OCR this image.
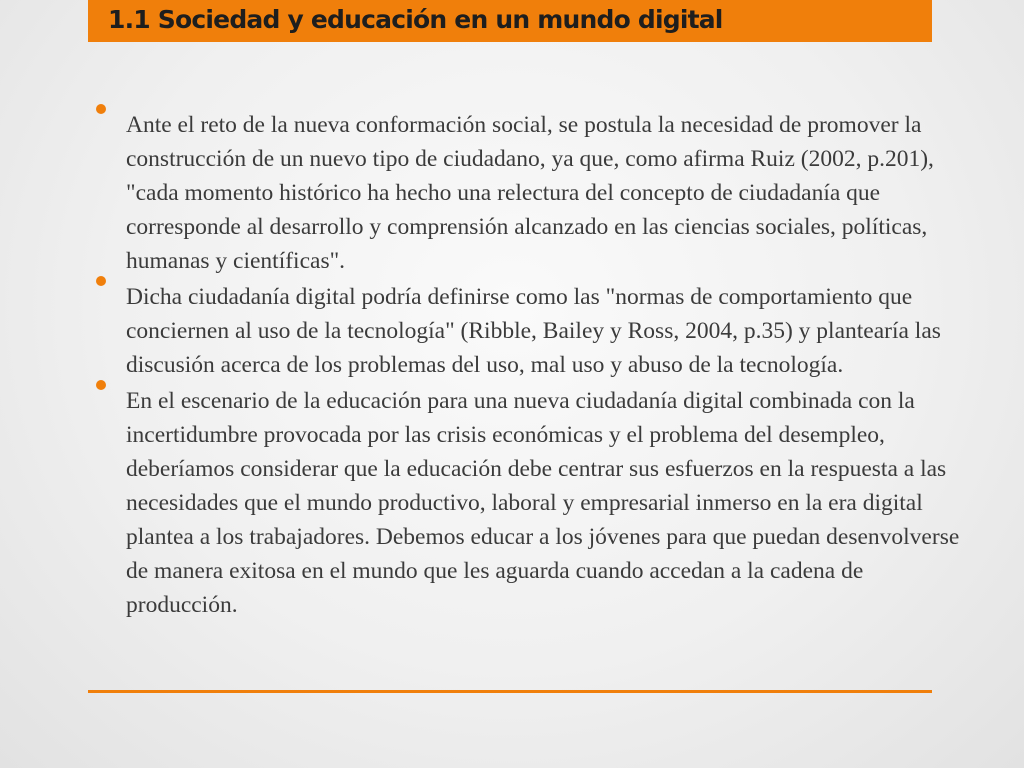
1.1 Sociedad y educación en un mundo digital
Ante el reto de la nueva conformación social, se postula la necesidad de promover la construcción de un nuevo tipo de ciudadano, ya que, como afirma Ruiz (2002, p.201), "cada momento histórico ha hecho una relectura del concepto de ciudadanía que corresponde al desarrollo y comprensión alcanzado en las ciencias sociales, políticas, humanas y científicas".
Dicha ciudadanía digital podría definirse como las "normas de comportamiento que conciernen al uso de la tecnología" (Ribble, Bailey y Ross, 2004, p.35) y plantearía las discusión acerca de los problemas del uso, mal uso y abuso de la tecnología.
En el escenario de la educación para una nueva ciudadanía digital combinada con la incertidumbre provocada por las crisis económicas y el problema del desempleo, deberíamos considerar que la educación debe centrar sus esfuerzos en la respuesta a las necesidades que el mundo productivo, laboral y empresarial inmerso en la era digital plantea a los trabajadores. Debemos educar a los jóvenes para que puedan desenvolverse de manera exitosa en el mundo que les aguarda cuando accedan a la cadena de producción.
